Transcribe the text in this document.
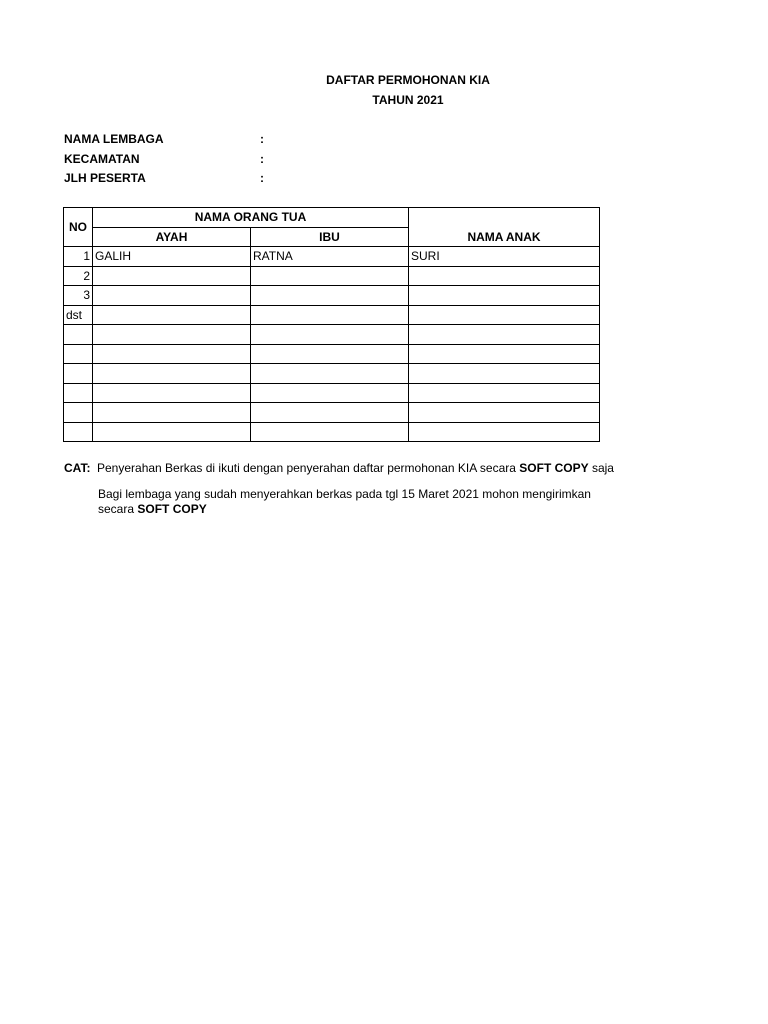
DAFTAR PERMOHONAN KIA
TAHUN 2021
NAMA LEMBAGA	:
KECAMATAN	:
JLH PESERTA	:
NO	NAMA ORANG TUA		NAMA ANAK
	AYAH	IBU	
1	GALIH	RATNA	SURI
2			
3			
dst			

CAT: Penyerahan Berkas di ikuti dengan penyerahan daftar permohonan KIA secara SOFT COPY saja
Bagi lembaga yang sudah menyerahkan berkas pada tgl 15 Maret 2021 mohon mengirimkan
secara SOFT COPY
